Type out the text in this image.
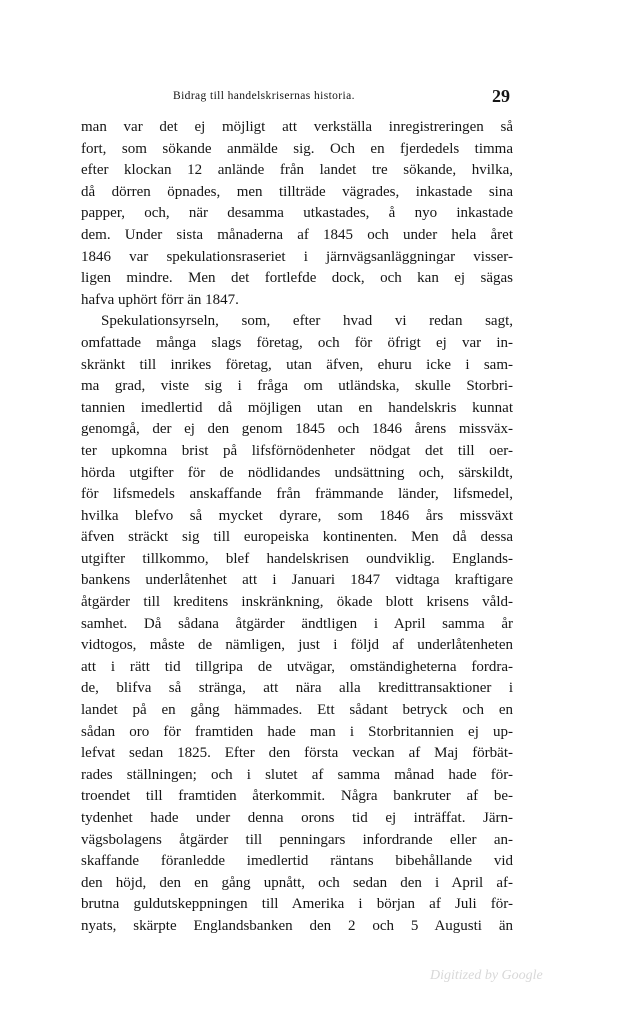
Bidrag till handelskrisernas historia.	29
man var det ej möjligt att verkställa inregistreringen så
fort, som sökande anmälde sig. Och en fjerdedels timma
efter klockan 12 anlände från landet tre sökande, hvilka,
då dörren öpnades, men tillträde vägrades, inkastade sina
papper, och, när desamma utkastades, å nyo inkastade
dem. Under sista månaderna af 1845 och under hela året
1846 var spekulationsraseriet i järnvägsanläggningar visser-
ligen mindre. Men det fortlefde dock, och kan ej sägas
hafva uphört förr än 1847.
Spekulationsyrseln, som, efter hvad vi redan sagt,
omfattade många slags företag, och för öfrigt ej var in-
skränkt till inrikes företag, utan äfven, ehuru icke i sam-
ma grad, viste sig i fråga om utländska, skulle Storbri-
tannien imedlertid då möjligen utan en handelskris kunnat
genomgå, der ej den genom 1845 och 1846 årens missväx-
ter upkomna brist på lifsförnödenheter nödgat det till oer-
hörda utgifter för de nödlidandes undsättning och, särskildt,
för lifsmedels anskaffande från främmande länder, lifsmedel,
hvilka blefvo så mycket dyrare, som 1846 års missväxt
äfven sträckt sig till europeiska kontinenten. Men då dessa
utgifter tillkommo, blef handelskrisen oundviklig. Englands-
bankens underlåtenhet att i Januari 1847 vidtaga kraftigare
åtgärder till kreditens inskränkning, ökade blott krisens våld-
samhet. Då sådana åtgärder ändtligen i April samma år
vidtogos, måste de nämligen, just i följd af underlåtenheten
att i rätt tid tillgripa de utvägar, omständigheterna fordra-
de, blifva så stränga, att nära alla kredittransaktioner i
landet på en gång hämmades. Ett sådant betryck och en
sådan oro för framtiden hade man i Storbritannien ej up-
lefvat sedan 1825. Efter den första veckan af Maj förbät-
rades ställningen; och i slutet af samma månad hade för-
troendet till framtiden återkommit. Några bankruter af be-
tydenhet hade under denna orons tid ej inträffat. Järn-
vägsbolagens åtgärder till penningars infordrande eller an-
skaffande föranledde imedlertid räntans bibehållande vid
den höjd, den en gång upnått, och sedan den i April af-
brutna guldutskeppningen till Amerika i början af Juli för-
nyats, skärpte Englandsbanken den 2 och 5 Augusti än
Digitized by Google
